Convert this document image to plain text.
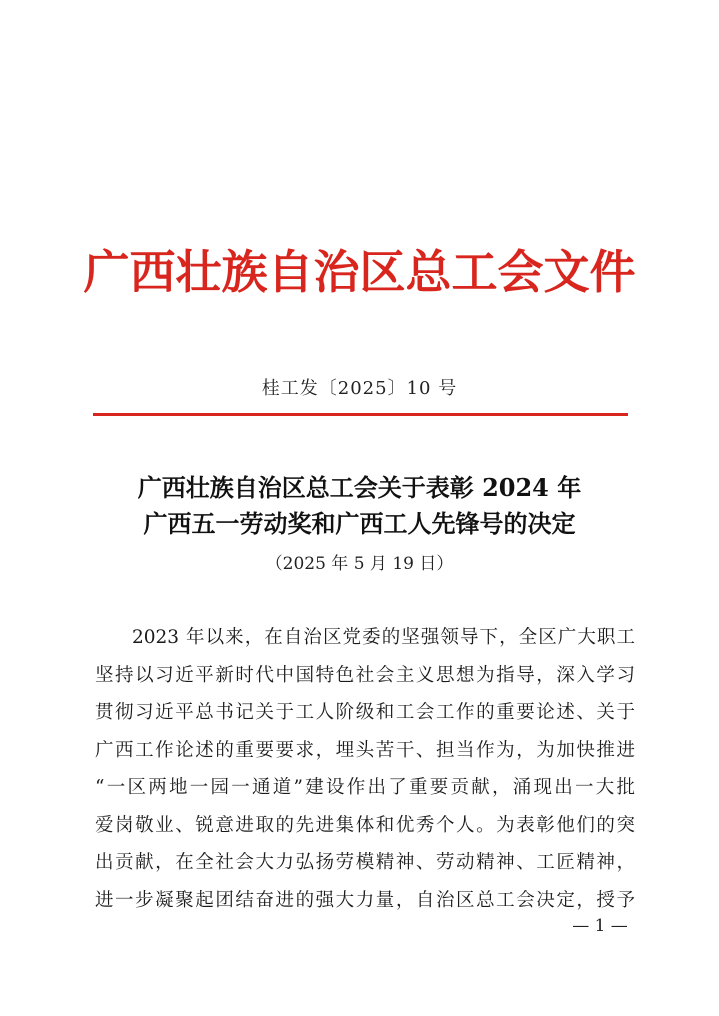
广西壮族自治区总工会文件
桂工发〔2025〕10 号
广西壮族自治区总工会关于表彰 2024 年
广西五一劳动奖和广西工人先锋号的决定
（2025 年 5 月 19 日）
2023 年以来，在自治区党委的坚强领导下，全区广大职工
坚持以习近平新时代中国特色社会主义思想为指导，深入学习
贯彻习近平总书记关于工人阶级和工会工作的重要论述、关于
广西工作论述的重要要求，埋头苦干、担当作为，为加快推进
“一区两地一园一通道”建设作出了重要贡献，涌现出一大批
爱岗敬业、锐意进取的先进集体和优秀个人。为表彰他们的突
出贡献，在全社会大力弘扬劳模精神、劳动精神、工匠精神，
进一步凝聚起团结奋进的强大力量，自治区总工会决定，授予
— 1 —
